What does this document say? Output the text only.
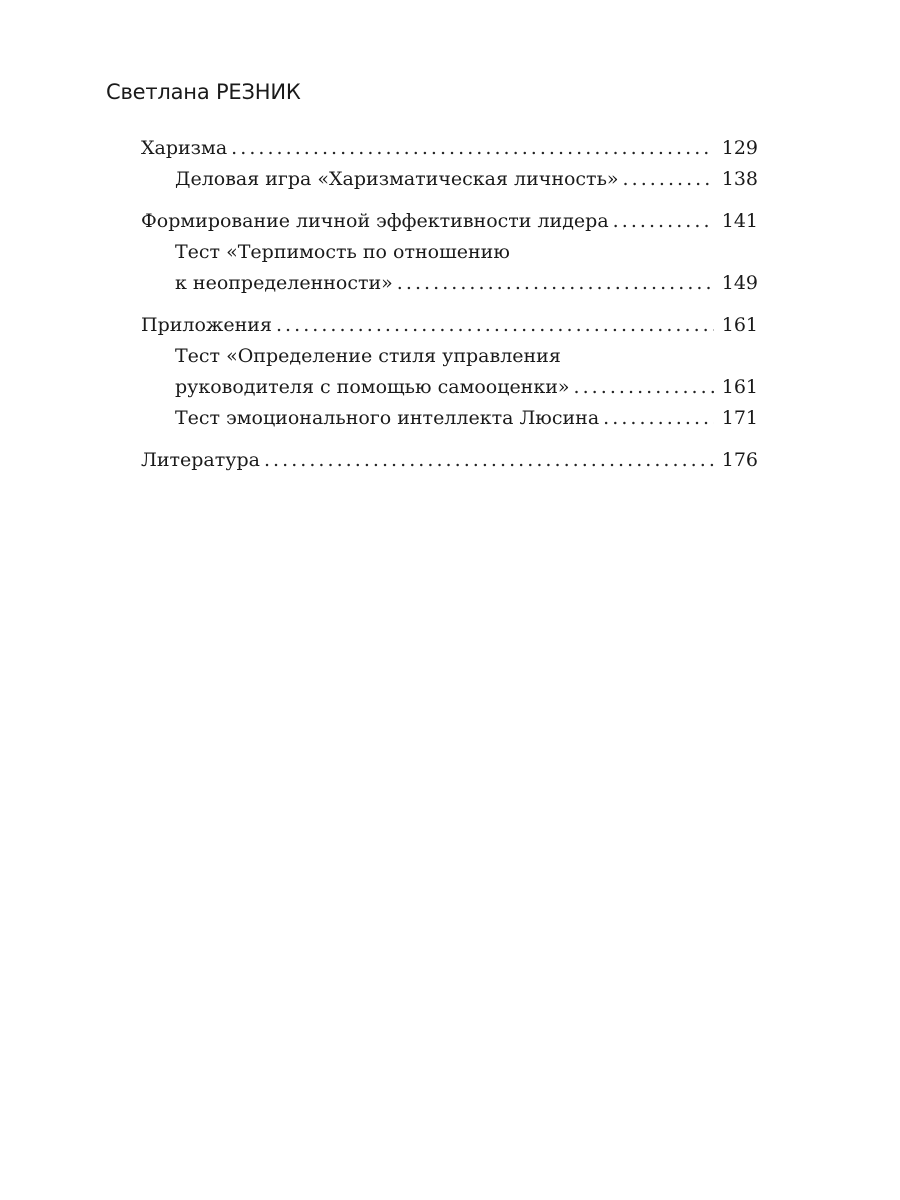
Светлана РЕЗНИК
Харизма . . .	129
Деловая игра «Харизматическая личность» . . .	138
Формирование личной эффективности лидера . . .	141
Тест «Терпимость по отношению
к неопределенности» . . .	149
Приложения . . .	161
Тест «Определение стиля управления
руководителя с помощью самооценки» . . .	161
Тест эмоционального интеллекта Люсина . . .	171
Литература . . .	176
